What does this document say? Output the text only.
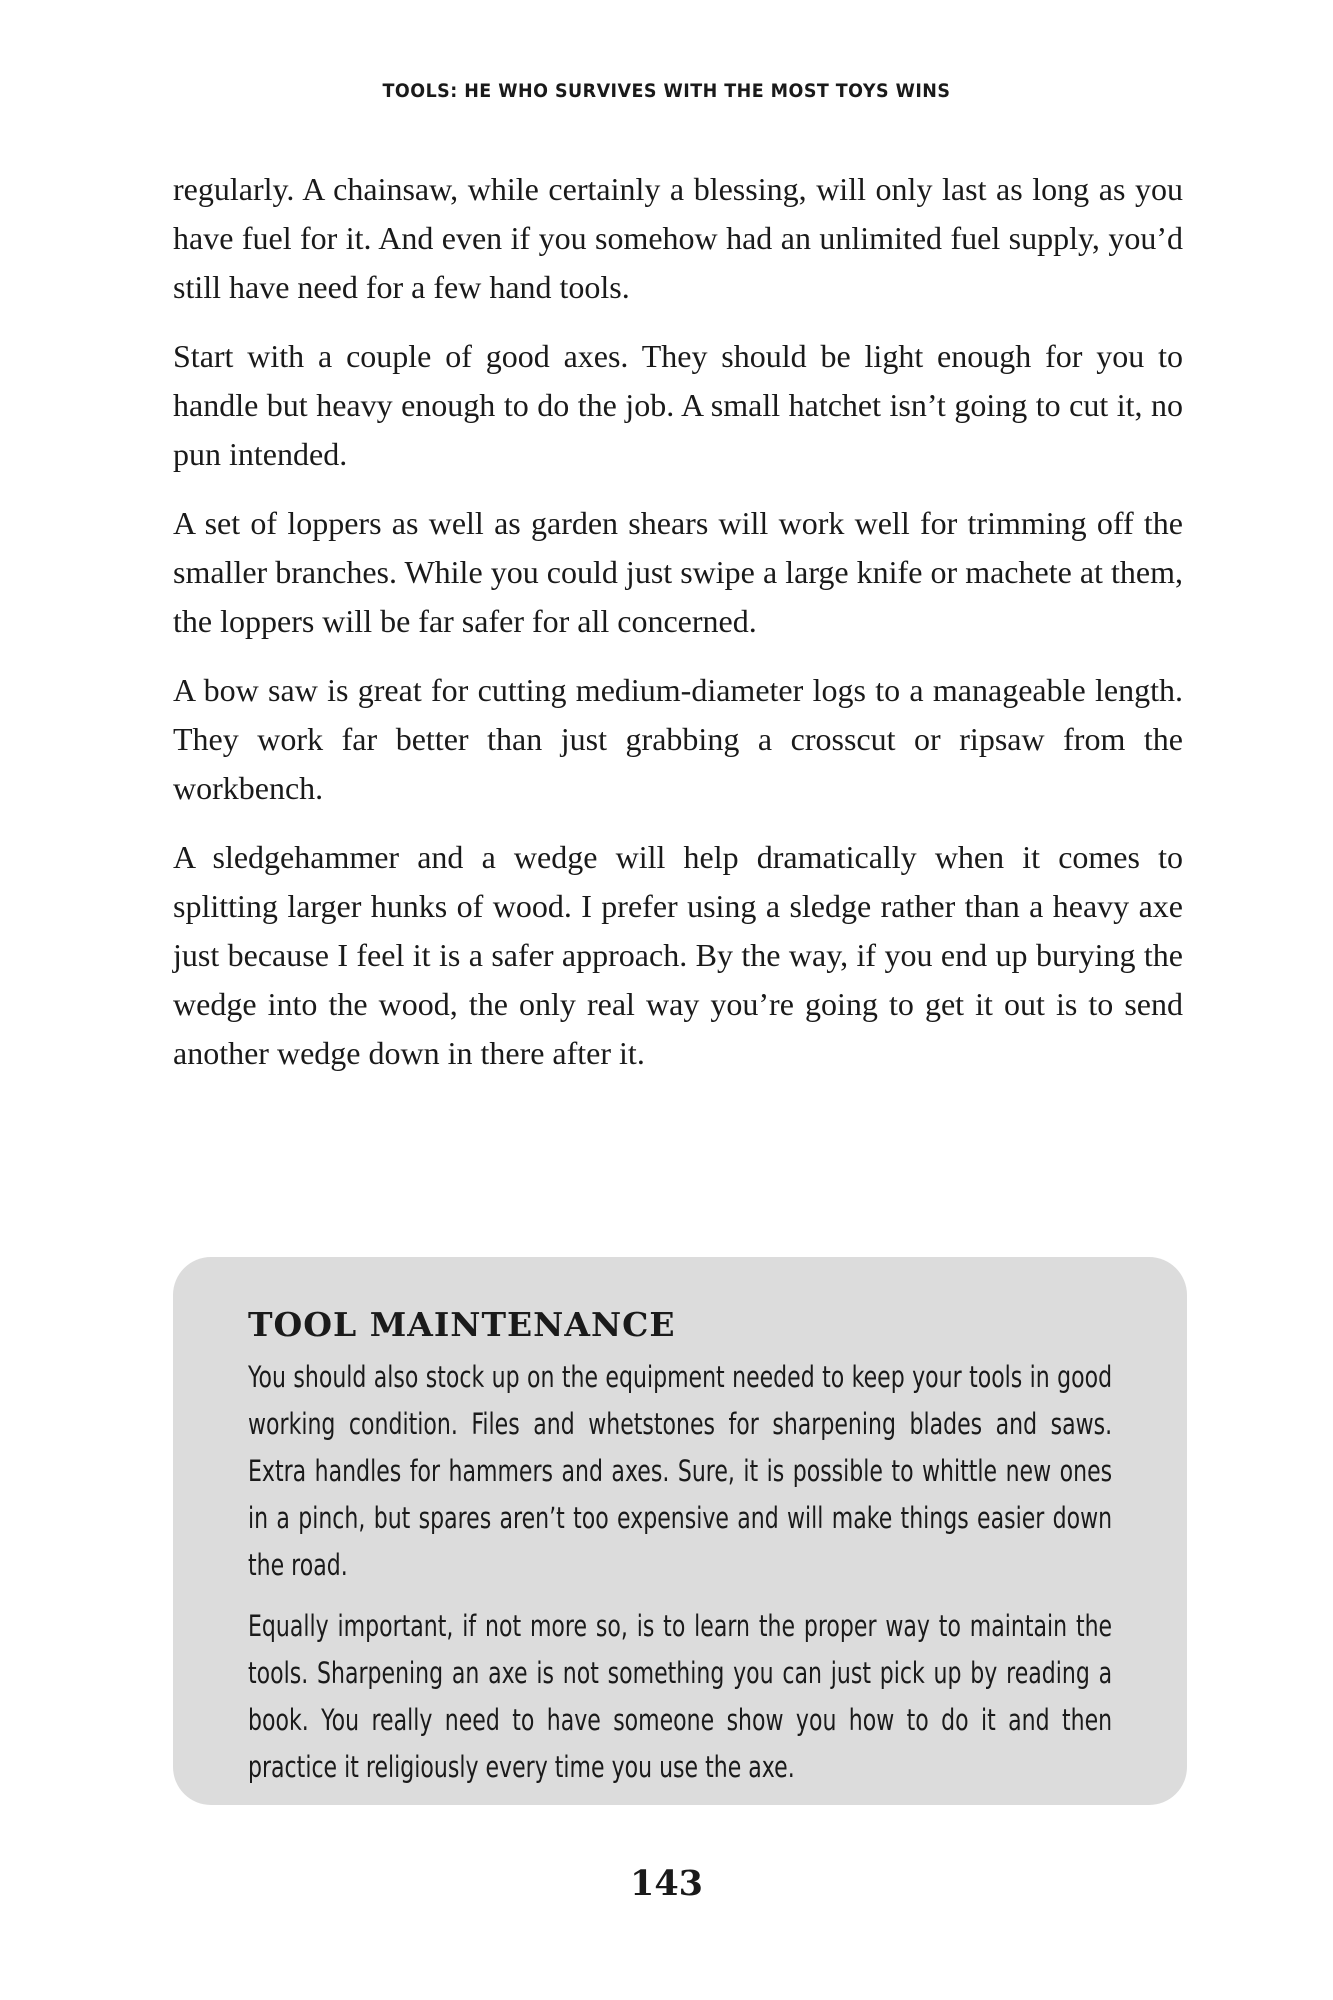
TOOLS: HE WHO SURVIVES WITH THE MOST TOYS WINS

regularly. A chainsaw, while certainly a blessing, will only last as long as you have fuel for it. And even if you somehow had an unlimited fuel supply, you’d still have need for a few hand tools.

Start with a couple of good axes. They should be light enough for you to handle but heavy enough to do the job. A small hatchet isn’t going to cut it, no pun intended.

A set of loppers as well as garden shears will work well for trimming off the smaller branches. While you could just swipe a large knife or machete at them, the loppers will be far safer for all concerned.

A bow saw is great for cutting medium-diameter logs to a manageable length. They work far better than just grabbing a crosscut or ripsaw from the workbench.

A sledgehammer and a wedge will help dramatically when it comes to splitting larger hunks of wood. I prefer using a sledge rather than a heavy axe just because I feel it is a safer approach. By the way, if you end up burying the wedge into the wood, the only real way you’re going to get it out is to send another wedge down in there after it.

TOOL MAINTENANCE

You should also stock up on the equipment needed to keep your tools in good working condition. Files and whetstones for sharpening blades and saws. Extra handles for hammers and axes. Sure, it is possible to whittle new ones in a pinch, but spares aren’t too expensive and will make things easier down the road.

Equally important, if not more so, is to learn the proper way to maintain the tools. Sharpening an axe is not something you can just pick up by reading a book. You really need to have someone show you how to do it and then practice it religiously every time you use the axe.

143
